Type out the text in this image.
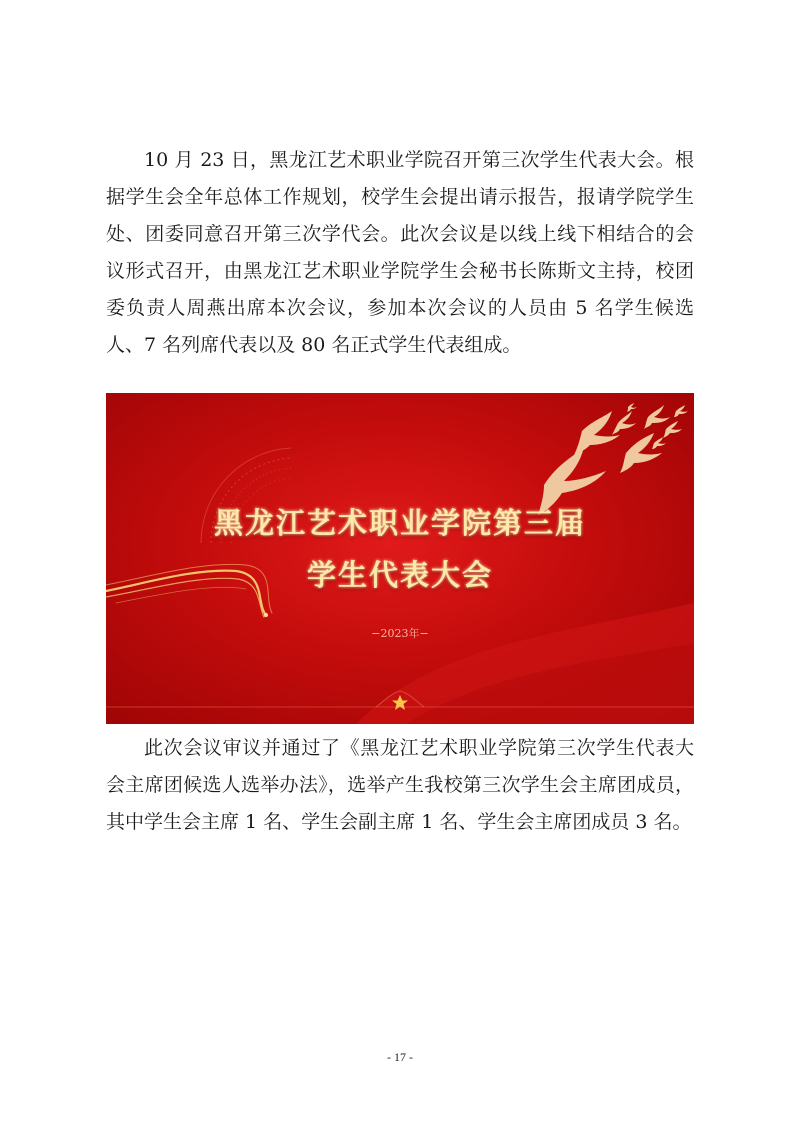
10 月 23 日，黑龙江艺术职业学院召开第三次学生代表大会。根据学生会全年总体工作规划，校学生会提出请示报告，报请学院学生处、团委同意召开第三次学代会。此次会议是以线上线下相结合的会议形式召开，由黑龙江艺术职业学院学生会秘书长陈斯文主持，校团委负责人周燕出席本次会议，参加本次会议的人员由 5 名学生候选人、7 名列席代表以及 80 名正式学生代表组成。

黑龙江艺术职业学院第三届
学生代表大会
−2023年−

此次会议审议并通过了《黑龙江艺术职业学院第三次学生代表大会主席团候选人选举办法》，选举产生我校第三次学生会主席团成员，其中学生会主席 1 名、学生会副主席 1 名、学生会主席团成员 3 名。

- 17 -
